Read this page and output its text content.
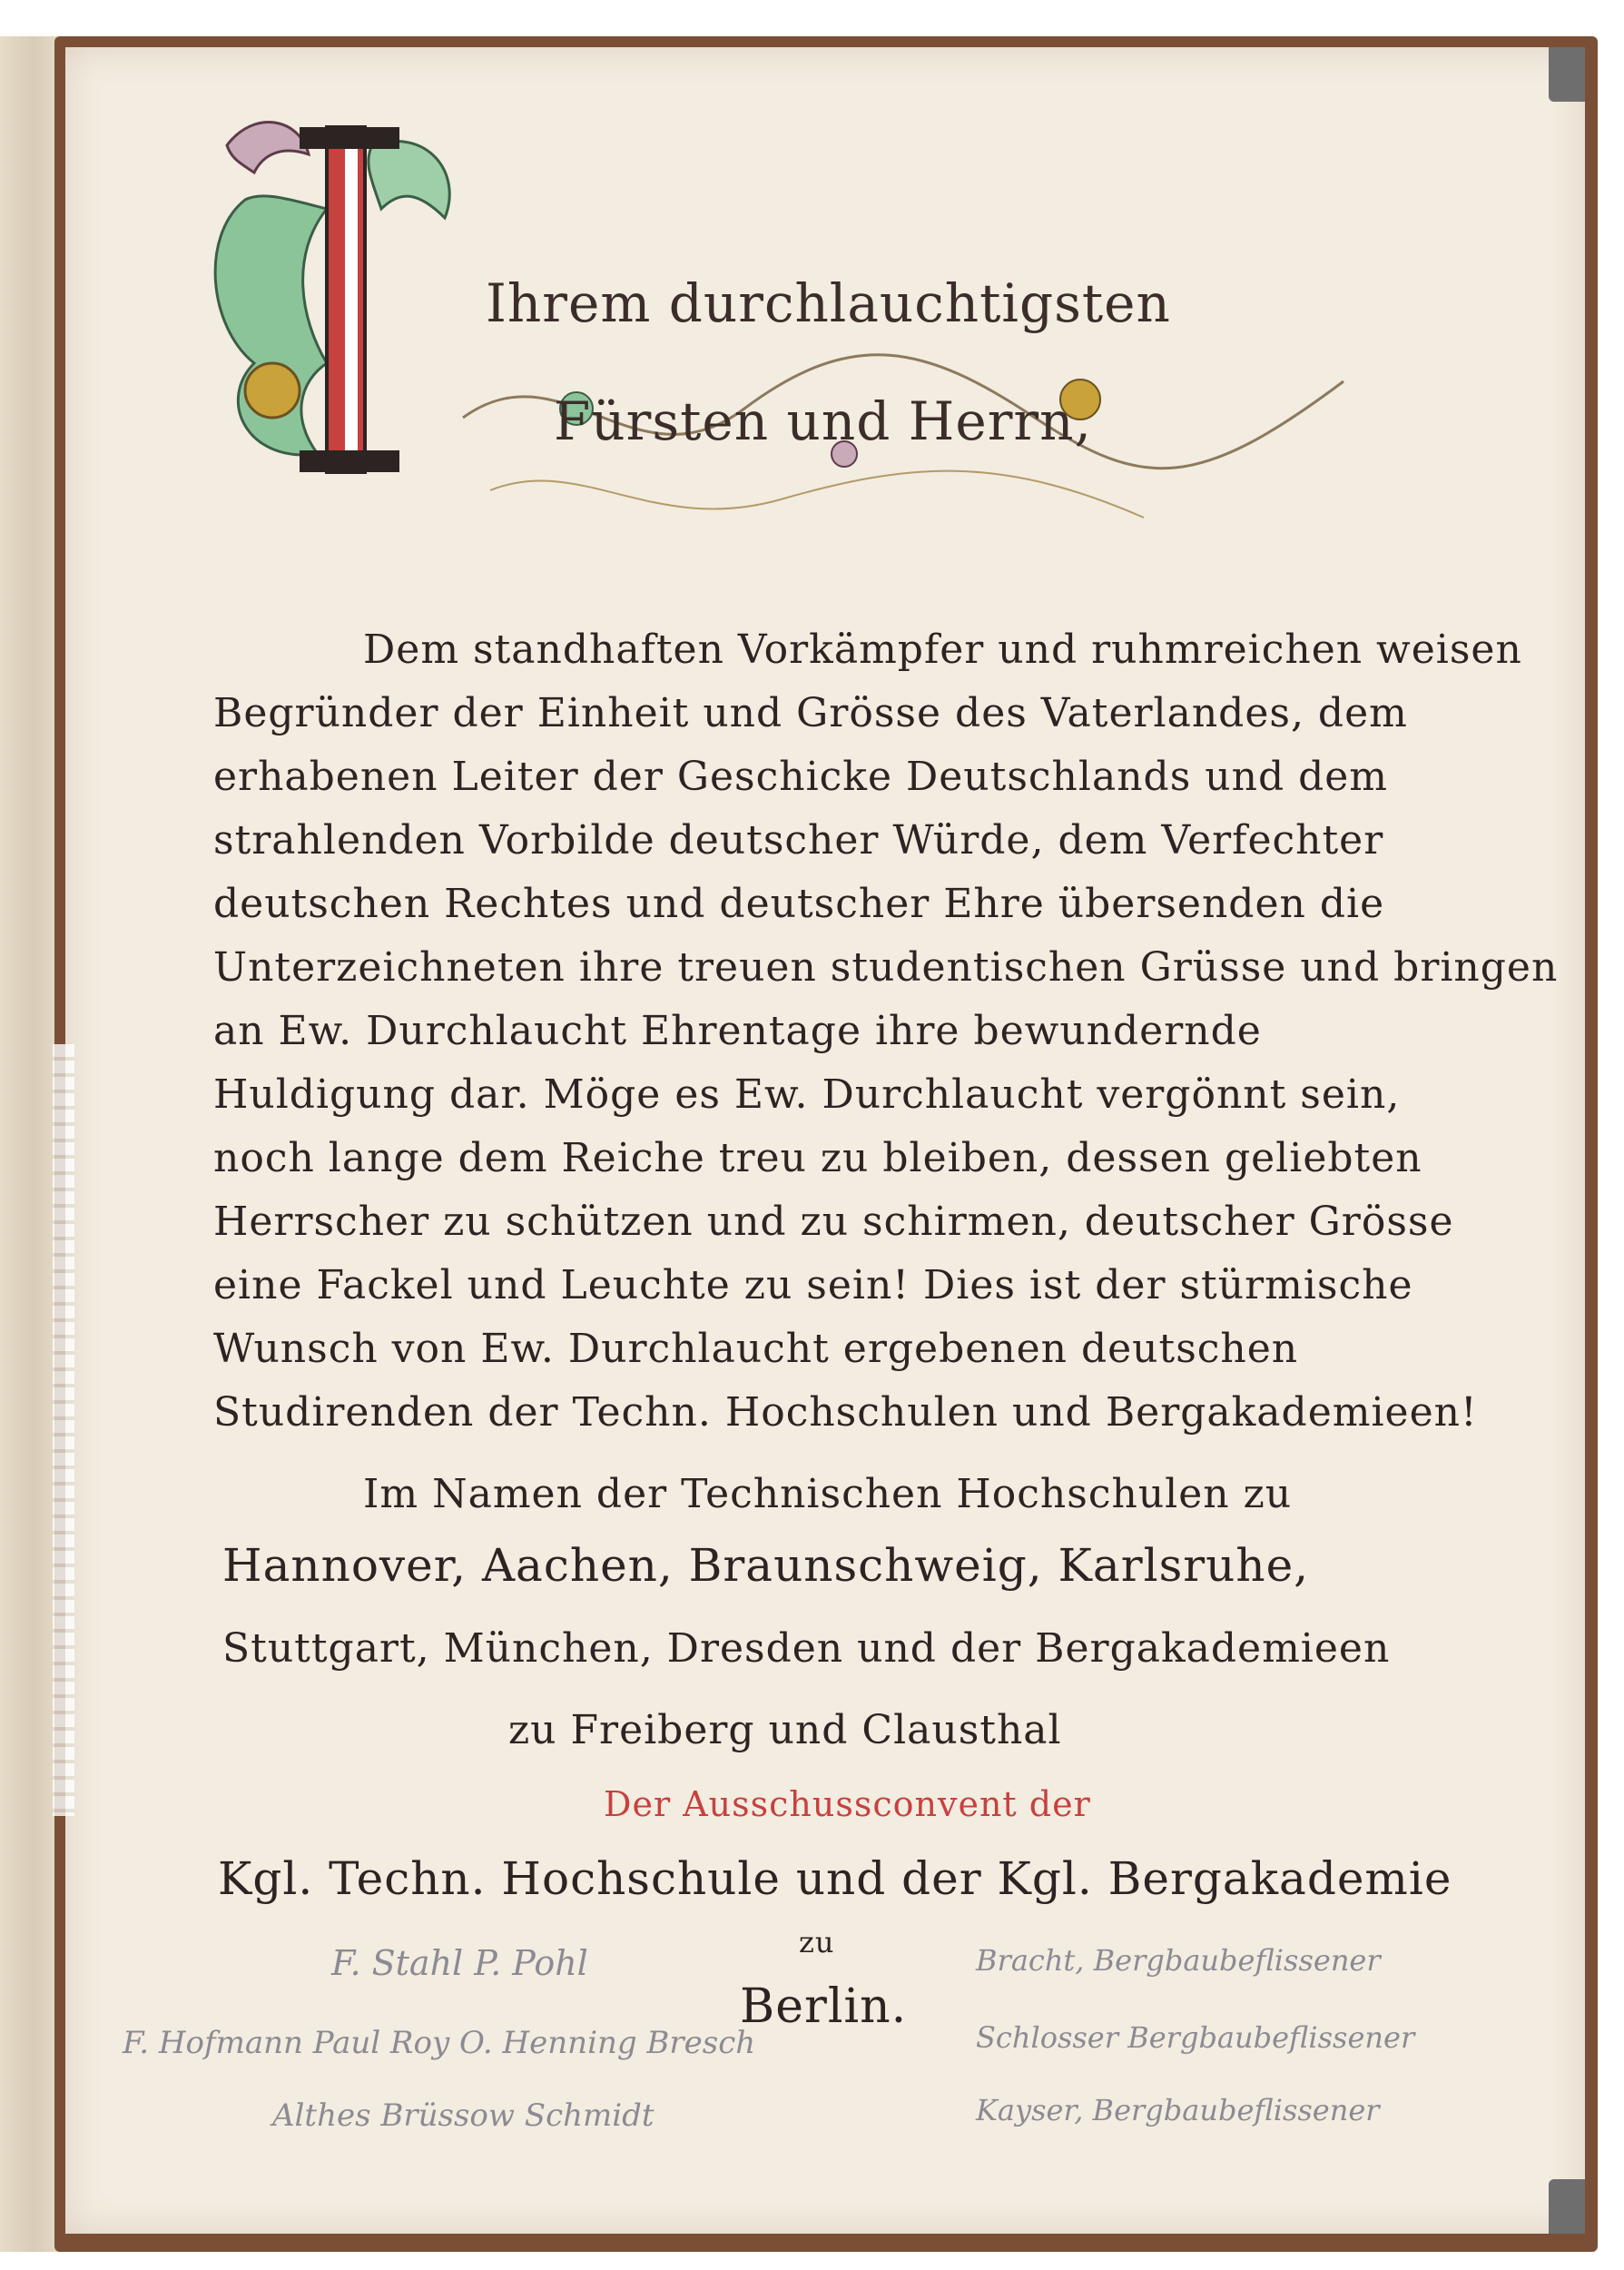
Ihrem durchlauchtigsten
Fürsten und Herrn,
Dem standhaften Vorkämpfer und ruhmreichen weisen
Begründer der Einheit und Grösse des Vaterlandes, dem
erhabenen Leiter der Geschicke Deutschlands und dem
strahlenden Vorbilde deutscher Würde, dem Verfechter
deutschen Rechtes und deutscher Ehre übersenden die
Unterzeichneten ihre treuen studentischen Grüsse und bringen
an Ew. Durchlaucht Ehrentage ihre bewundernde
Huldigung dar. Möge es Ew. Durchlaucht vergönnt sein,
noch lange dem Reiche treu zu bleiben, dessen geliebten
Herrscher zu schützen und zu schirmen, deutscher Grösse
eine Fackel und Leuchte zu sein! Dies ist der stürmische
Wunsch von Ew. Durchlaucht ergebenen deutschen
Studirenden der Techn. Hochschulen und Bergakademieen!
Im Namen der Technischen Hochschulen zu
Hannover, Aachen, Braunschweig, Karlsruhe,
Stuttgart, München, Dresden und der Bergakademieen
zu Freiberg und Clausthal
Der Ausschussconvent der
Kgl. Techn. Hochschule und der Kgl. Bergakademie
zu
Berlin.
F. Stahl P. Pohl
F. Hofmann Paul Roy O. Henning Bresch
Althes Brüssow Schmidt
Bracht, Bergbaubeflissener
Schlosser Bergbaubeflissener
Kayser, Bergbaubeflissener
